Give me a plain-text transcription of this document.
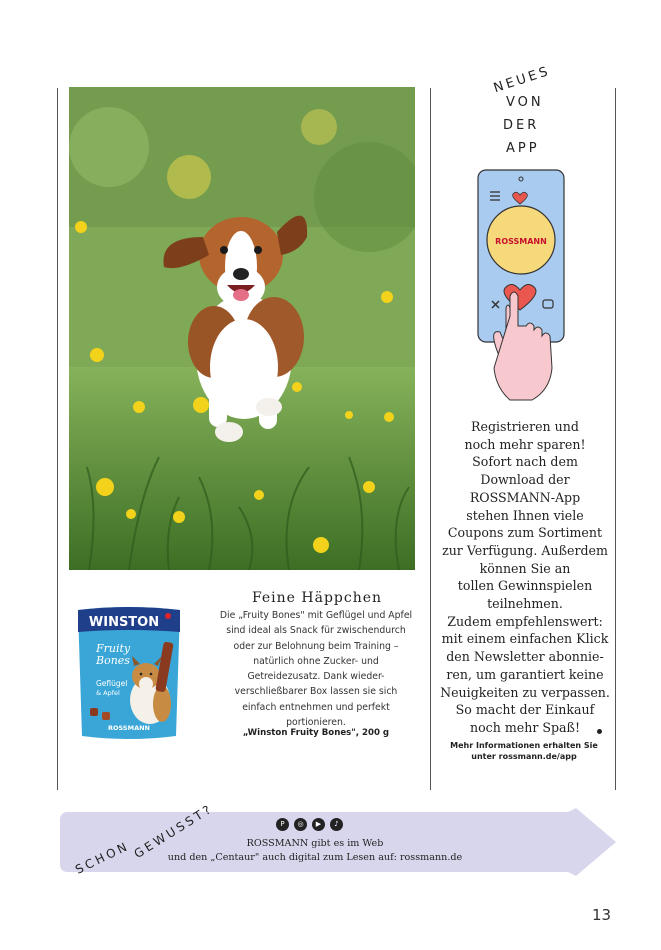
WINSTON
Fruity
Bones
Geflügel
& Apfel
ROSSMANN
Feine Häppchen
Die „Fruity Bones" mit Geflügel und Apfel sind ideal als Snack für zwischendurch oder zur Belohnung beim Training – natürlich ohne Zucker- und Getreidezusatz. Dank wieder-verschließbarer Box lassen sie sich einfach entnehmen und perfekt portionieren.
„Winston Fruity Bones", 200 g
NEUES
VON
DER
APP
ROSSMANN
Registrieren und
noch mehr sparen!
Sofort nach dem
Download der
ROSSMANN-App
stehen Ihnen viele
Coupons zum Sortiment
zur Verfügung. Außerdem
können Sie an
tollen Gewinnspielen
teilnehmen.
Zudem empfehlenswert:
mit einem einfachen Klick
den Newsletter abonnie-
ren, um garantiert keine
Neuigkeiten zu verpassen.
So macht der Einkauf
noch mehr Spaß!
Mehr Informationen erhalten Sie
unter rossmann.de/app
SCHON GEWUSST?	P	◎	▶	♪
ROSSMANN gibt es im Web
und den „Centaur" auch digital zum Lesen auf: rossmann.de
13
